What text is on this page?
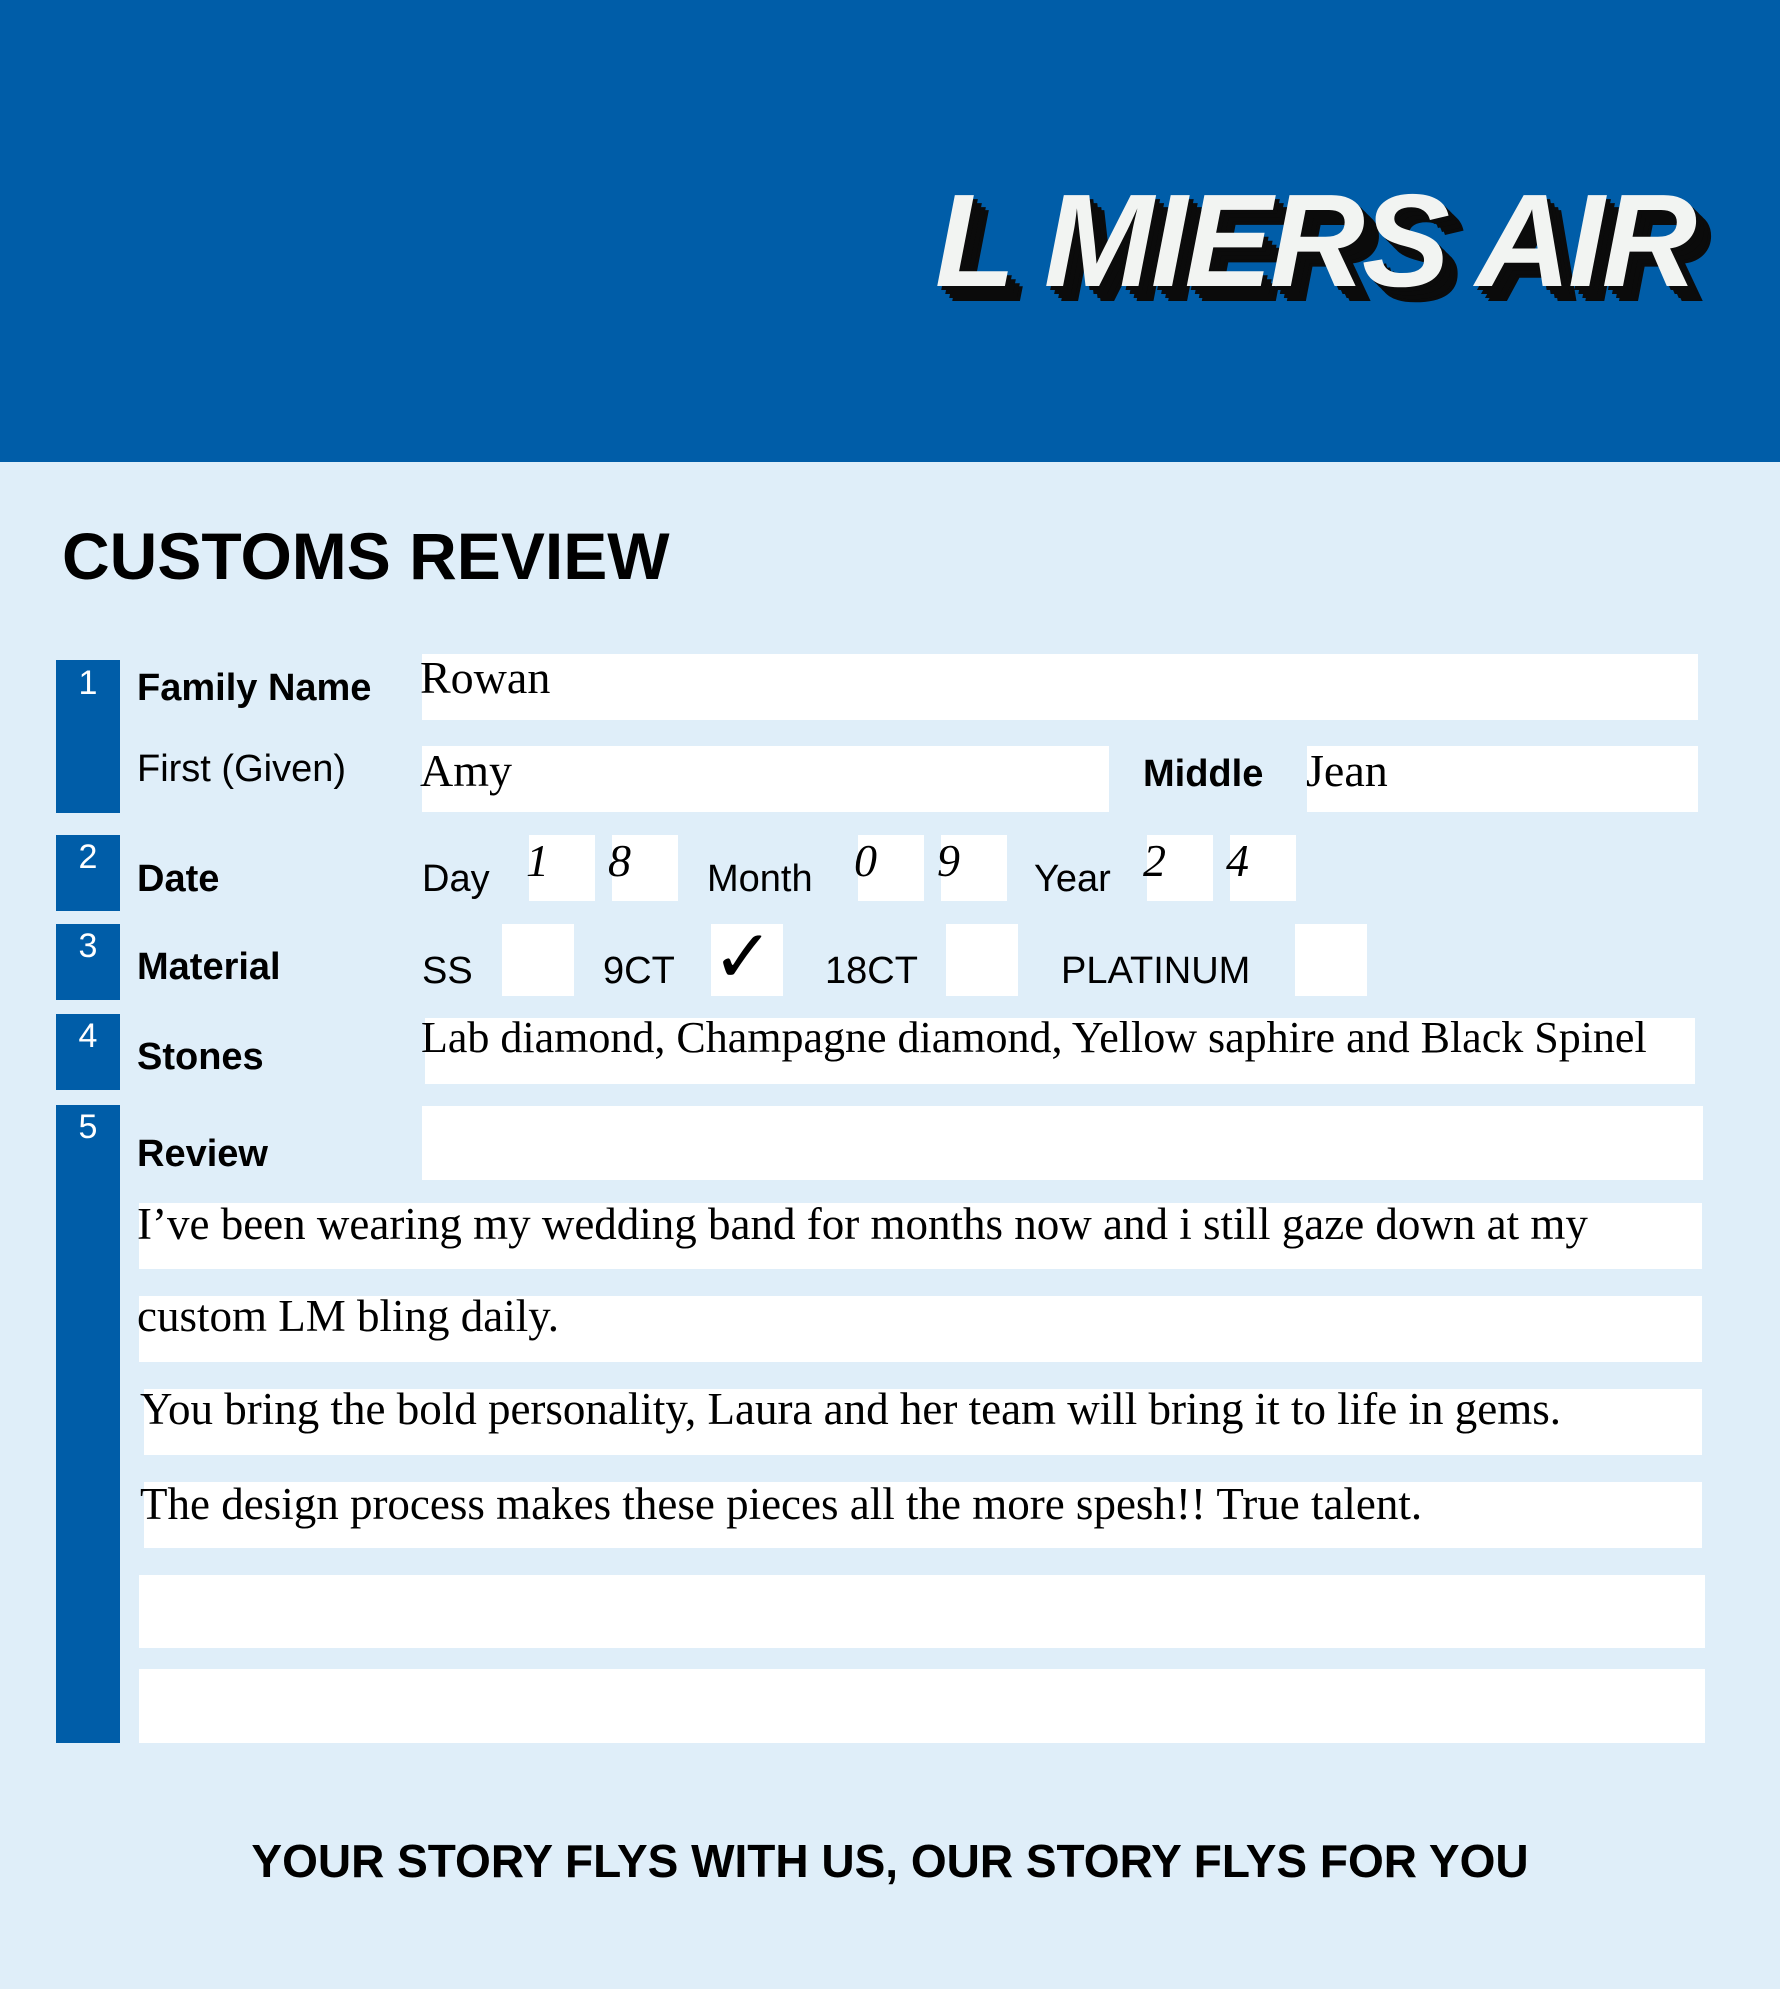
L MIERS AIR
CUSTOMS REVIEW
1
2
3
4
5
Family Name Rowan
First (Given) Amy	Middle Jean
Date	Day 1 8 Month 0 9 Year 2 4
Material	SS	9CT ✓ 18CT	PLATINUM
Stones	Lab diamond, Champagne diamond, Yellow saphire and Black Spinel
Review
I’ve been wearing my wedding band for months now and i still gaze down at my
custom LM bling daily.
You bring the bold personality, Laura and her team will bring it to life in gems.
The design process makes these pieces all the more spesh!! True talent.
YOUR STORY FLYS WITH US, OUR STORY FLYS FOR YOU
